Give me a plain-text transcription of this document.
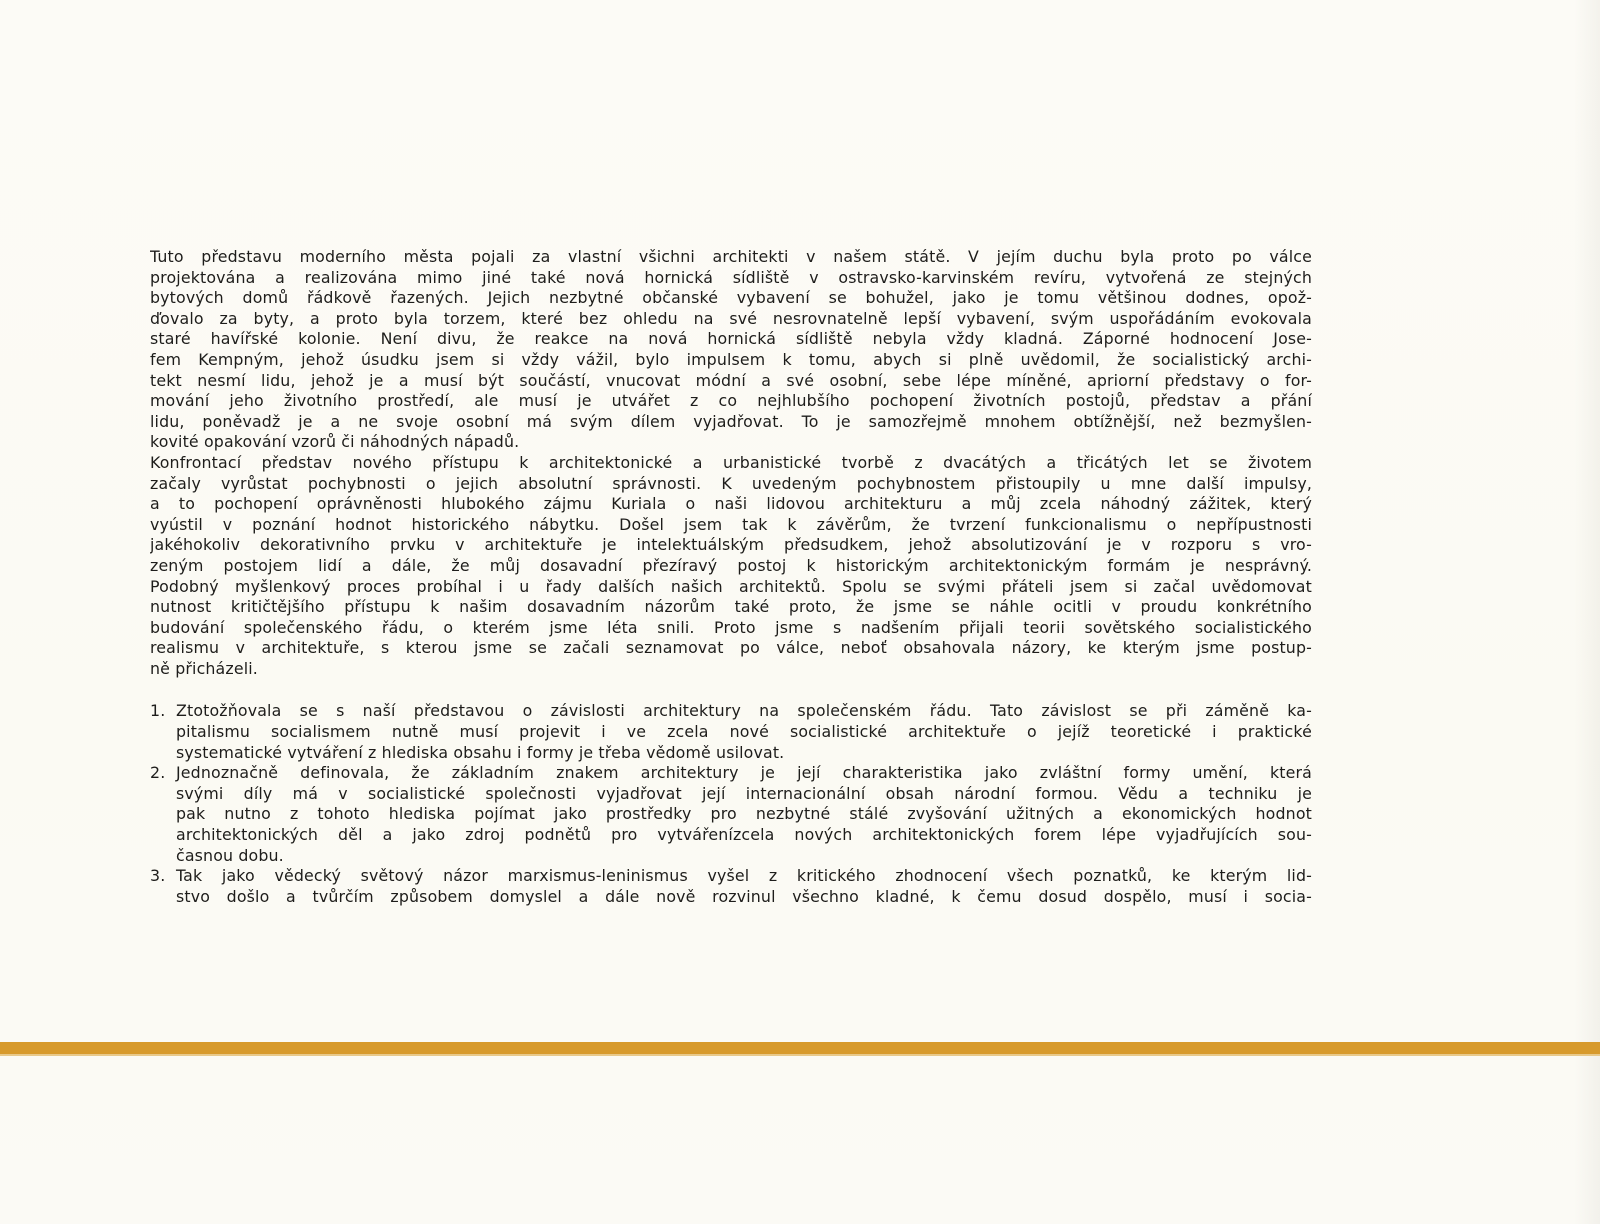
Tuto představu moderního města pojali za vlastní všichni architekti v našem státě. V jejím duchu byla proto po válce
projektována a realizována mimo jiné také nová hornická sídliště v ostravsko-karvinském revíru, vytvořená ze stejných
bytových domů řádkově řazených. Jejich nezbytné občanské vybavení se bohužel, jako je tomu většinou dodnes, opož-
ďovalo za byty, a proto byla torzem, které bez ohledu na své nesrovnatelně lepší vybavení, svým uspořádáním evokovala
staré havířské kolonie. Není divu, že reakce na nová hornická sídliště nebyla vždy kladná. Záporné hodnocení Jose-
fem Kempným, jehož úsudku jsem si vždy vážil, bylo impulsem k tomu, abych si plně uvědomil, že socialistický archi-
tekt nesmí lidu, jehož je a musí být součástí, vnucovat módní a své osobní, sebe lépe míněné, apriorní představy o for-
mování jeho životního prostředí, ale musí je utvářet z co nejhlubšího pochopení životních postojů, představ a přání
lidu, poněvadž je a ne svoje osobní má svým dílem vyjadřovat. To je samozřejmě mnohem obtížnější, než bezmyšlen-
kovité opakování vzorů či náhodných nápadů.
Konfrontací představ nového přístupu k architektonické a urbanistické tvorbě z dvacátých a třicátých let se životem
začaly vyrůstat pochybnosti o jejich absolutní správnosti. K uvedeným pochybnostem přistoupily u mne další impulsy,
a to pochopení oprávněnosti hlubokého zájmu Kuriala o naši lidovou architekturu a můj zcela náhodný zážitek, který
vyústil v poznání hodnot historického nábytku. Došel jsem tak k závěrům, že tvrzení funkcionalismu o nepřípustnosti
jakéhokoliv dekorativního prvku v architektuře je intelektuálským předsudkem, jehož absolutizování je v rozporu s vro-
zeným postojem lidí a dále, že můj dosavadní přezíravý postoj k historickým architektonickým formám je nesprávný.
Podobný myšlenkový proces probíhal i u řady dalších našich architektů. Spolu se svými přáteli jsem si začal uvědomovat
nutnost kritičtějšího přístupu k našim dosavadním názorům také proto, že jsme se náhle ocitli v proudu konkrétního
budování společenského řádu, o kterém jsme léta snili. Proto jsme s nadšením přijali teorii sovětského socialistického
realismu v architektuře, s kterou jsme se začali seznamovat po válce, neboť obsahovala názory, ke kterým jsme postup-
ně přicházeli.
1. Ztotožňovala se s naší představou o závislosti architektury na společenském řádu. Tato závislost se při záměně ka-
pitalismu socialismem nutně musí projevit i ve zcela nové socialistické architektuře o jejíž teoretické i praktické
systematické vytváření z hlediska obsahu i formy je třeba vědomě usilovat.
2. Jednoznačně definovala, že základním znakem architektury je její charakteristika jako zvláštní formy umění, která
svými díly má v socialistické společnosti vyjadřovat její internacionální obsah národní formou. Vědu a techniku je
pak nutno z tohoto hlediska pojímat jako prostředky pro nezbytné stálé zvyšování užitných a ekonomických hodnot
architektonických děl a jako zdroj podnětů pro vytvářenízcela nových architektonických forem lépe vyjadřujících sou-
časnou dobu.
3. Tak jako vědecký světový názor marxismus-leninismus vyšel z kritického zhodnocení všech poznatků, ke kterým lid-
stvo došlo a tvůrčím způsobem domyslel a dále nově rozvinul všechno kladné, k čemu dosud dospělo, musí i socia-
